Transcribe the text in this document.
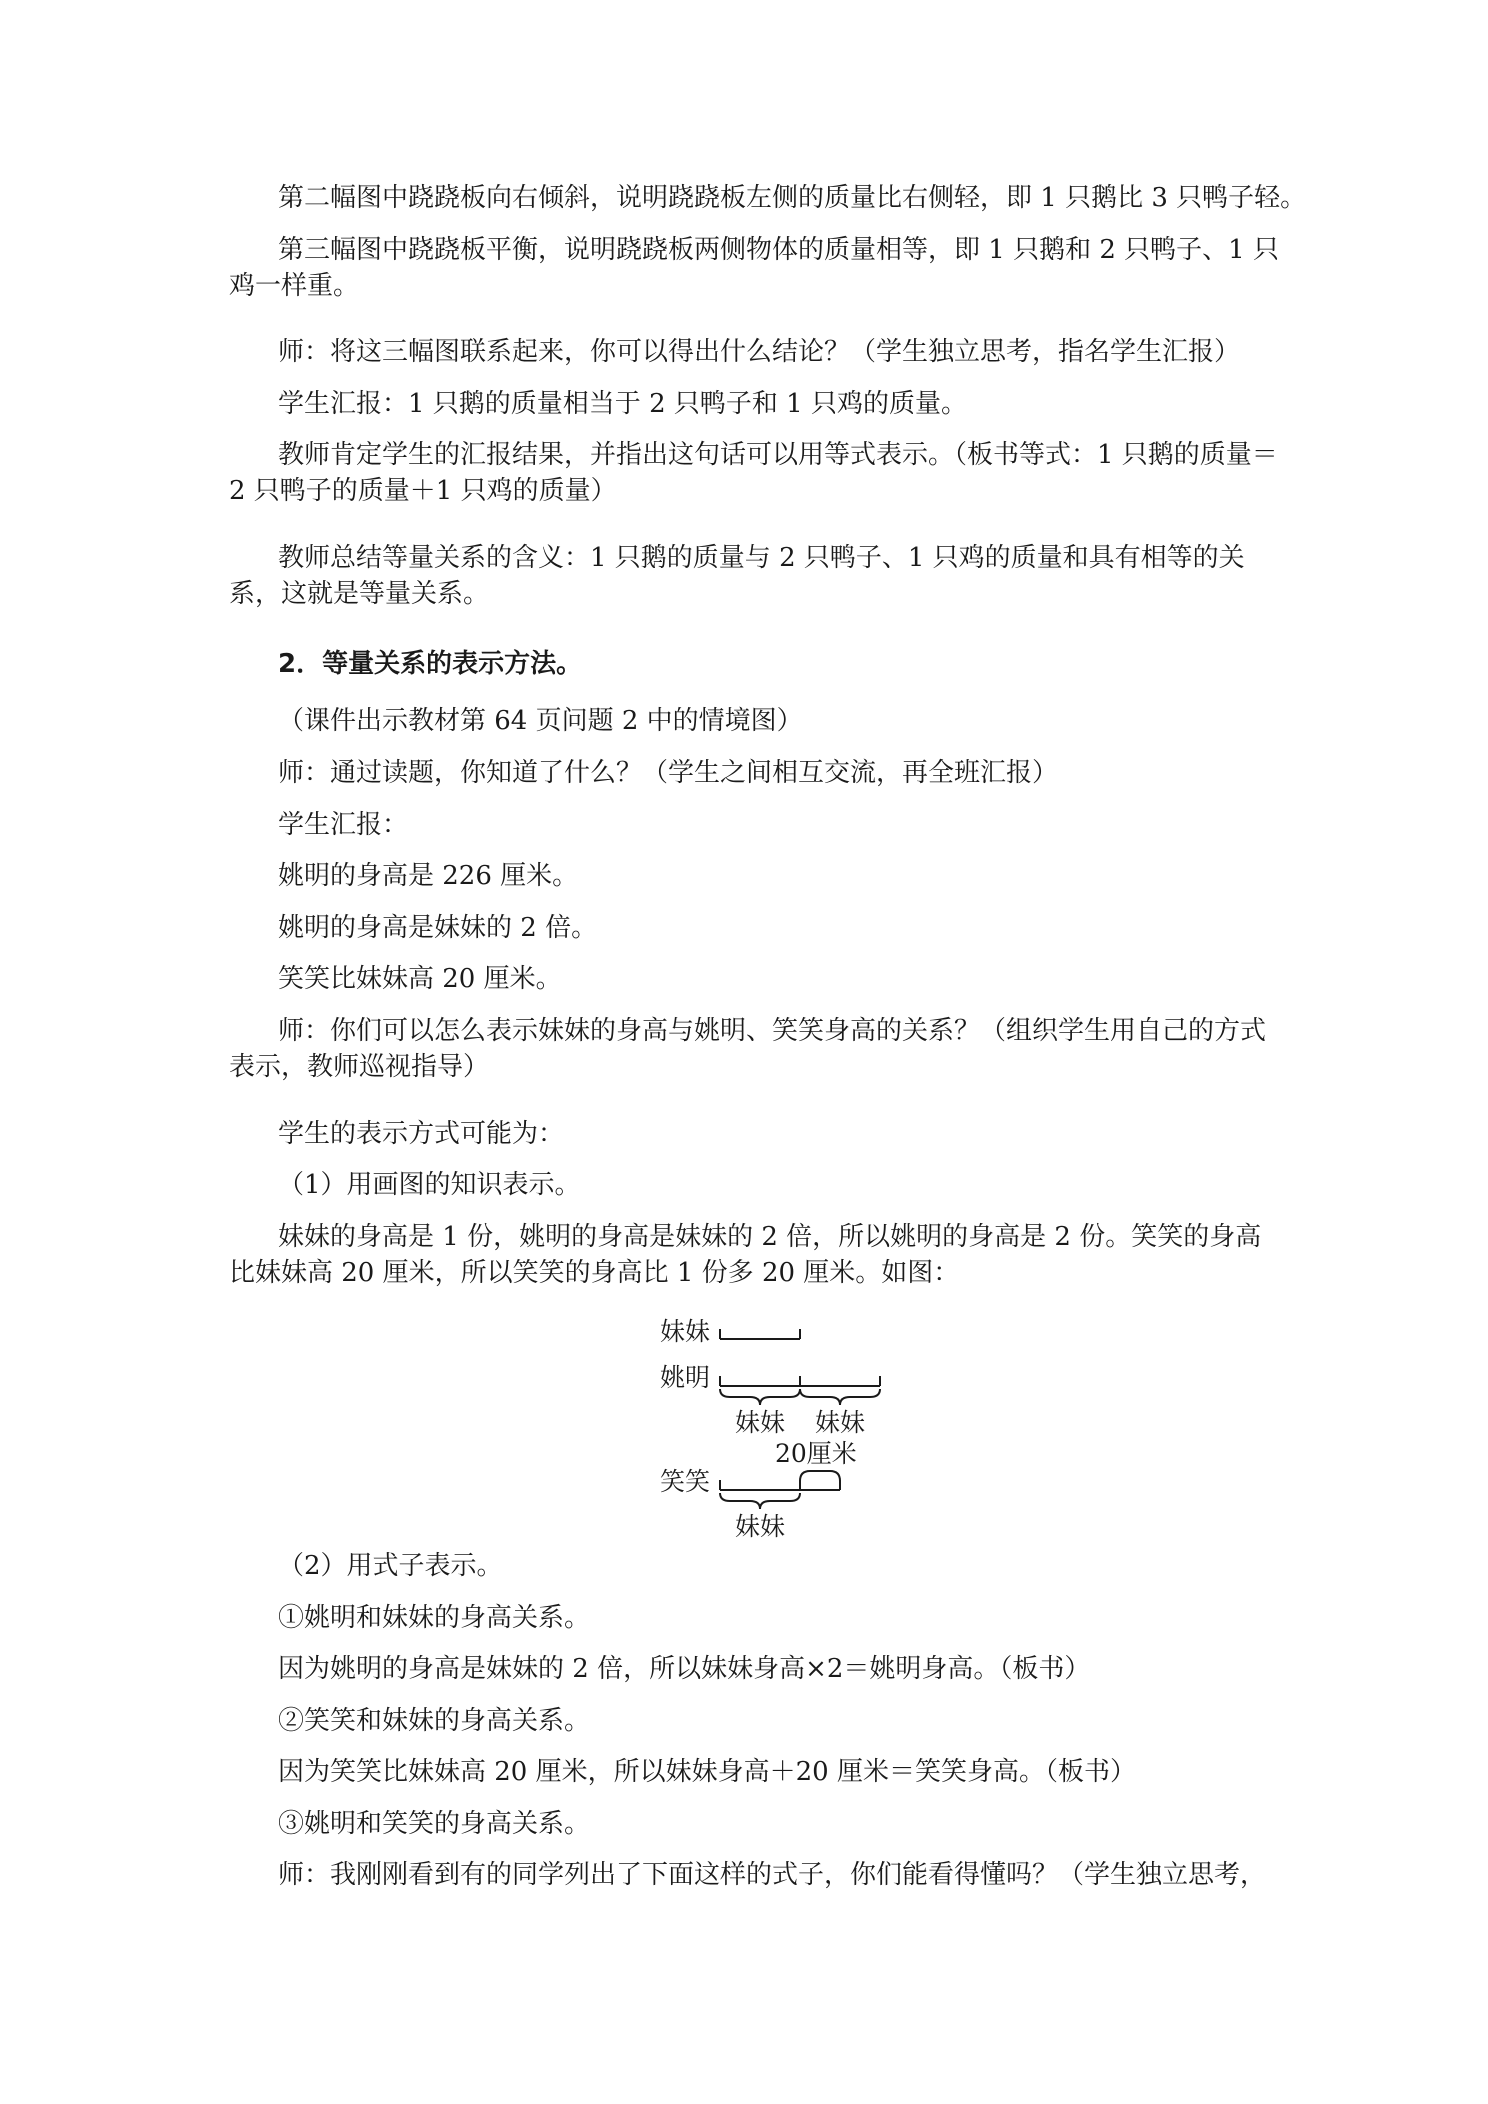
第二幅图中跷跷板向右倾斜，说明跷跷板左侧的质量比右侧轻，即 1 只鹅比 3 只鸭子轻。
第三幅图中跷跷板平衡，说明跷跷板两侧物体的质量相等，即 1 只鹅和 2 只鸭子、1 只鸡一样重。
师：将这三幅图联系起来，你可以得出什么结论？（学生独立思考，指名学生汇报）
学生汇报：1 只鹅的质量相当于 2 只鸭子和 1 只鸡的质量。
教师肯定学生的汇报结果，并指出这句话可以用等式表示。（板书等式：1 只鹅的质量＝2 只鸭子的质量＋1 只鸡的质量）
教师总结等量关系的含义：1 只鹅的质量与 2 只鸭子、1 只鸡的质量和具有相等的关系，这就是等量关系。
2．等量关系的表示方法。
（课件出示教材第 64 页问题 2 中的情境图）
师：通过读题，你知道了什么？（学生之间相互交流，再全班汇报）
学生汇报：
姚明的身高是 226 厘米。
姚明的身高是妹妹的 2 倍。
笑笑比妹妹高 20 厘米。
师：你们可以怎么表示妹妹的身高与姚明、笑笑身高的关系？（组织学生用自己的方式表示，教师巡视指导）
学生的表示方式可能为：
（1）用画图的知识表示。
妹妹的身高是 1 份，姚明的身高是妹妹的 2 倍，所以姚明的身高是 2 份。笑笑的身高比妹妹高 20 厘米，所以笑笑的身高比 1 份多 20 厘米。如图：
妹妹
姚明
妹妹 妹妹
20厘米
笑笑
妹妹
（2）用式子表示。
①姚明和妹妹的身高关系。
因为姚明的身高是妹妹的 2 倍，所以妹妹身高×2＝姚明身高。（板书）
②笑笑和妹妹的身高关系。
因为笑笑比妹妹高 20 厘米，所以妹妹身高＋20 厘米＝笑笑身高。（板书）
③姚明和笑笑的身高关系。
师：我刚刚看到有的同学列出了下面这样的式子，你们能看得懂吗？（学生独立思考，
